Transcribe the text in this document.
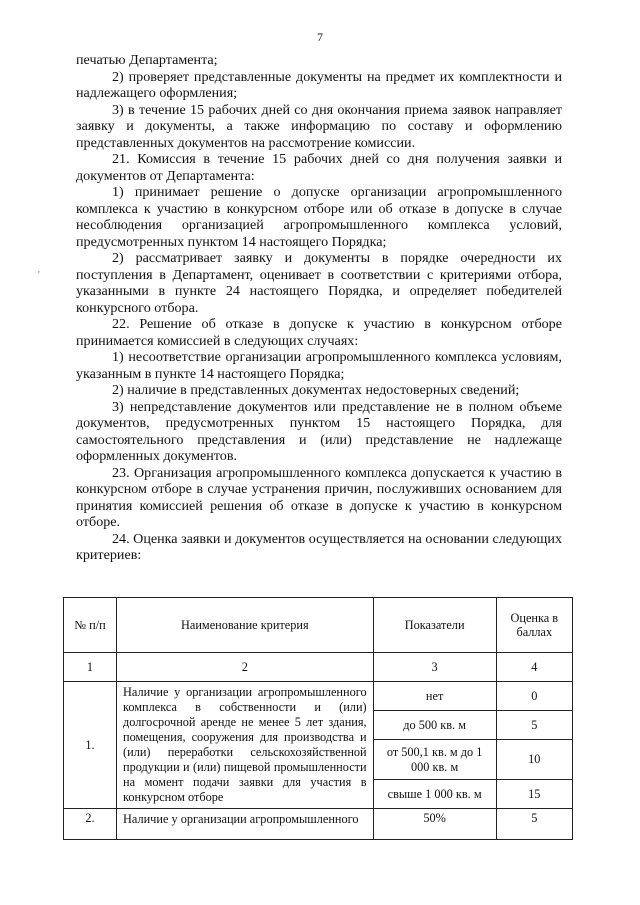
7
'

печатью Департамента;

2) проверяет представленные документы на предмет их комплектности и надлежащего оформления;

3) в течение 15 рабочих дней со дня окончания приема заявок направляет заявку и документы, а также информацию по составу и оформлению представленных документов на рассмотрение комиссии.

21. Комиссия в течение 15 рабочих дней со дня получения заявки и документов от Департамента:

1) принимает решение о допуске организации агропромышленного комплекса к участию в конкурсном отборе или об отказе в допуске в случае несоблюдения организацией агропромышленного комплекса условий, предусмотренных пунктом 14 настоящего Порядка;

2) рассматривает заявку и документы в порядке очередности их поступления в Департамент, оценивает в соответствии с критериями отбора, указанными в пункте 24 настоящего Порядка, и определяет победителей конкурсного отбора.

22. Решение об отказе в допуске к участию в конкурсном отборе принимается комиссией в следующих случаях:

1) несоответствие организации агропромышленного комплекса условиям, указанным в пункте 14 настоящего Порядка;

2) наличие в представленных документах недостоверных сведений;

3) непредставление документов или представление не в полном объеме документов, предусмотренных пунктом 15 настоящего Порядка, для самостоятельного представления и (или) представление не надлежаще оформленных документов.

23. Организация агропромышленного комплекса допускается к участию в конкурсном отборе в случае устранения причин, послуживших основанием для принятия комиссией решения об отказе в допуске к участию в конкурсном отборе.

24. Оценка заявки и документов осуществляется на основании следующих критериев:

№ п/п	Наименование критерия	Показатели	Оценка в баллах
1	2	3	4
1.	Наличие у организации агропромышленного комплекса в собственности и (или) долгосрочной аренде не менее 5 лет здания, помещения, сооружения для производства и (или) переработки сельскохозяйственной продукции и (или) пищевой промышленности на момент подачи заявки для участия в конкурсном отборе	нет	0
		до 500 кв. м	5
		от 500,1 кв. м до 1 000 кв. м	10
		свыше 1 000 кв. м	15
2.	Наличие у организации агропромышленного	50%	5
